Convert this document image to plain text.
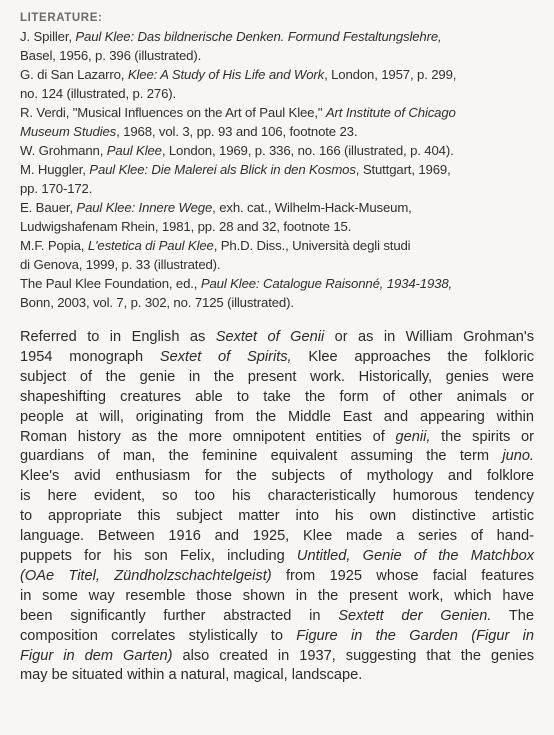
LITERATURE:
J. Spiller, Paul Klee: Das bildnerische Denken. Formund Festaltungslehre,
Basel, 1956, p. 396 (illustrated).
G. di San Lazarro, Klee: A Study of His Life and Work, London, 1957, p. 299,
no. 124 (illustrated, p. 276).
R. Verdi, "Musical Influences on the Art of Paul Klee," Art Institute of Chicago
Museum Studies, 1968, vol. 3, pp. 93 and 106, footnote 23.
W. Grohmann, Paul Klee, London, 1969, p. 336, no. 166 (illustrated, p. 404).
M. Huggler, Paul Klee: Die Malerei als Blick in den Kosmos, Stuttgart, 1969,
pp. 170-172.
E. Bauer, Paul Klee: Innere Wege, exh. cat., Wilhelm-Hack-Museum,
Ludwigshafenam Rhein, 1981, pp. 28 and 32, footnote 15.
M.F. Popia, L'estetica di Paul Klee, Ph.D. Diss., Università degli studi
di Genova, 1999, p. 33 (illustrated).
The Paul Klee Foundation, ed., Paul Klee: Catalogue Raisonné, 1934-1938,
Bonn, 2003, vol. 7, p. 302, no. 7125 (illustrated).
Referred to in English as Sextet of Genii or as in William Grohman's
1954 monograph Sextet of Spirits, Klee approaches the folkloric
subject of the genie in the present work. Historically, genies were
shapeshifting creatures able to take the form of other animals or
people at will, originating from the Middle East and appearing within
Roman history as the more omnipotent entities of genii, the spirits or
guardians of man, the feminine equivalent assuming the term juno.
Klee's avid enthusiasm for the subjects of mythology and folklore
is here evident, so too his characteristically humorous tendency
to appropriate this subject matter into his own distinctive artistic
language. Between 1916 and 1925, Klee made a series of hand-
puppets for his son Felix, including Untitled, Genie of the Matchbox
(OAe Titel, Zündholzschachtelgeist) from 1925 whose facial features
in some way resemble those shown in the present work, which have
been significantly further abstracted in Sextett der Genien. The
composition correlates stylistically to Figure in the Garden (Figur in
Figur in dem Garten) also created in 1937, suggesting that the genies
may be situated within a natural, magical, landscape.
